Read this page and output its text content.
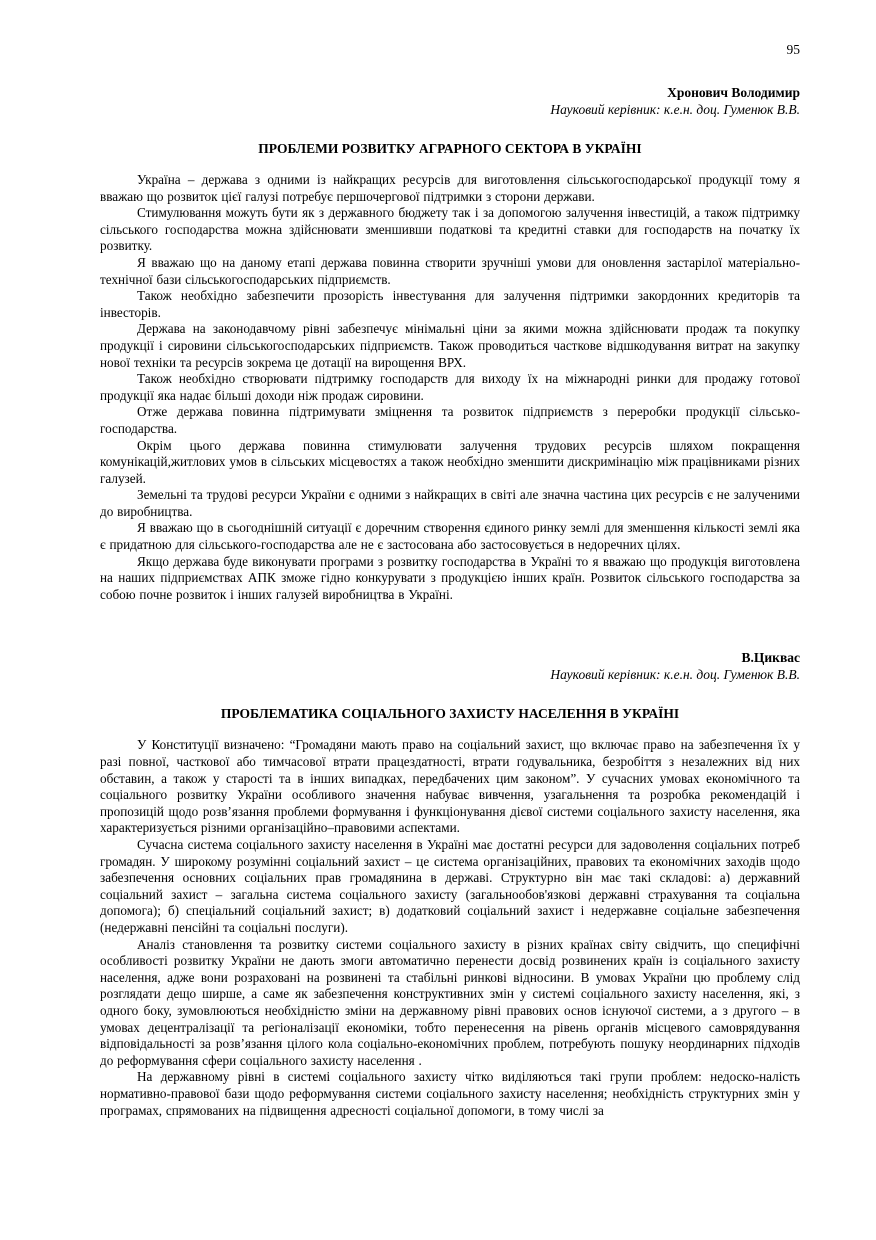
95
Хронович Володимир
Науковий керівник: к.е.н. доц. Гуменюк В.В.
ПРОБЛЕМИ РОЗВИТКУ АГРАРНОГО СЕКТОРА В УКРАЇНІ

Україна – держава з одними із найкращих ресурсів для виготовлення сільськогосподарської продукції тому я вважаю що розвиток цієї галузі потребує першочергової підтримки з сторони держави.

Стимулювання можуть бути як з державного бюджету так і за допомогою залучення інвестицій, а також підтримку сільського господарства можна здійснювати зменшивши податкові та кредитні ставки для господарств на початку їх розвитку.

Я вважаю що на даному етапі держава повинна створити зручніші умови для оновлення застарілої матеріально-технічної бази сільськогосподарських підприємств.

Також необхідно забезпечити прозорість інвестування для залучення підтримки закордонних кредиторів та інвесторів.

Держава на законодавчому рівні забезпечує мінімальні ціни за якими можна здійснювати продаж та покупку продукції і сировини сільськогосподарських підприємств. Також проводиться часткове відшкодування витрат на закупку нової техніки та ресурсів зокрема це дотації на вирощення ВРХ.

Також необхідно створювати підтримку господарств для виходу їх на міжнародні ринки для продажу готової продукції яка надає більші доходи ніж продаж сировини.

Отже держава повинна підтримувати зміцнення та розвиток підприємств з переробки продукції сільсько-господарства.

Окрім цього держава повинна стимулювати залучення трудових ресурсів шляхом покращення комунікацій,житлових умов в сільських місцевостях а також необхідно зменшити дискримінацію між працівниками різних галузей.

Земельні та трудові ресурси України є одними з найкращих в світі але значна частина цих ресурсів є не залученими до виробництва.

Я вважаю що в сьогоднішній ситуації є доречним створення єдиного ринку землі для зменшення кількості землі яка є придатною для сільського-господарства але не є застосована або застосовується в недоречних цілях.

Якщо держава буде виконувати програми з розвитку господарства в Україні то я вважаю що продукція виготовлена на наших підприємствах АПК зможе гідно конкурувати з продукцією інших країн. Розвиток сільського господарства за собою почне розвиток і інших галузей виробництва в Україні.

В.Циквас
Науковий керівник: к.е.н. доц. Гуменюк В.В.
ПРОБЛЕМАТИКА СОЦІАЛЬНОГО ЗАХИСТУ НАСЕЛЕННЯ В УКРАЇНІ

У Конституції визначено: “Громадяни мають право на соціальний захист, що включає право на забезпечення їх у разі повної, часткової або тимчасової втрати працездатності, втрати годувальника, безробіття з незалежних від них обставин, а також у старості та в інших випадках, передбачених цим законом”. У сучасних умовах економічного та соціального розвитку України особливого значення набуває вивчення, узагальнення та розробка рекомендацій і пропозицій щодо розв’язання проблеми формування і функціонування дієвої системи соціального захисту населення, яка характеризується різними організаційно–правовими аспектами.

Сучасна система соціального захисту населення в Україні має достатні ресурси для задоволення соціальних потреб громадян. У широкому розумінні соціальний захист – це система організаційних, правових та економічних заходів щодо забезпечення основних соціальних прав громадянина в державі. Структурно він має такі складові: а) державний соціальний захист – загальна система соціального захисту (загальнообов'язкові державні страхування та соціальна допомога); б) спеціальний соціальний захист; в) додатковий соціальний захист і недержавне соціальне забезпечення (недержавні пенсійні та соціальні послуги).

Аналіз становлення та розвитку системи соціального захисту в різних країнах світу свідчить, що специфічні особливості розвитку України не дають змоги автоматично перенести досвід розвинених країн із соціального захисту населення, адже вони розраховані на розвинені та стабільні ринкові відносини. В умовах України цю проблему слід розглядати дещо ширше, а саме як забезпечення конструктивних змін у системі соціального захисту населення, які, з одного боку, зумовлюються необхідністю зміни на державному рівні правових основ існуючої системи, а з другого – в умовах децентралізації та регіоналізації економіки, тобто перенесення на рівень органів місцевого самоврядування відповідальності за розв’язання цілого кола соціально-економічних проблем, потребують пошуку неординарних підходів до реформування сфери соціального захисту населення .

На державному рівні в системі соціального захисту чітко виділяються такі групи проблем: недоско-налість нормативно-правової бази щодо реформування системи соціального захисту населення; необхідність структурних змін у програмах, спрямованих на підвищення адресності соціальної допомоги, в тому числі за
